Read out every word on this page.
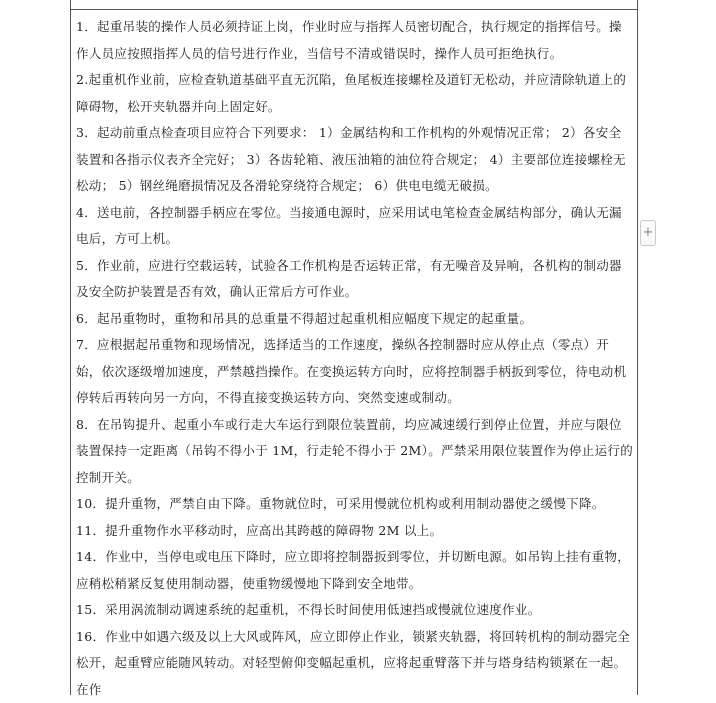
1．起重吊装的操作人员必须持证上岗，作业时应与指挥人员密切配合，执行规定的指挥信号。操作人员应按照指挥人员的信号进行作业，当信号不清或错误时，操作人员可拒绝执行。

2.起重机作业前，应检查轨道基础平直无沉陷，鱼尾板连接螺栓及道钉无松动，并应清除轨道上的障碍物，松开夹轨器并向上固定好。

3．起动前重点检查项目应符合下列要求： 1）金属结构和工作机构的外观情况正常； 2）各安全装置和各指示仪表齐全完好； 3）各齿轮箱、液压油箱的油位符合规定； 4）主要部位连接螺栓无松动； 5）钢丝绳磨损情况及各滑轮穿绕符合规定； 6）供电电缆无破损。

4．送电前，各控制器手柄应在零位。当接通电源时，应采用试电笔检查金属结构部分，确认无漏电后，方可上机。

5．作业前，应进行空载运转，试验各工作机构是否运转正常，有无噪音及异响，各机构的制动器及安全防护装置是否有效，确认正常后方可作业。

6．起吊重物时，重物和吊具的总重量不得超过起重机相应幅度下规定的起重量。

7．应根据起吊重物和现场情况，选择适当的工作速度，操纵各控制器时应从停止点（零点）开始，依次逐级增加速度，严禁越挡操作。在变换运转方向时，应将控制器手柄扳到零位，待电动机停转后再转向另一方向，不得直接变换运转方向、突然变速或制动。

8．在吊钩提升、起重小车或行走大车运行到限位装置前，均应减速缓行到停止位置，并应与限位装置保持一定距离（吊钩不得小于 1M，行走轮不得小于 2M）。严禁采用限位装置作为停止运行的控制开关。

10．提升重物，严禁自由下降。重物就位时，可采用慢就位机构或利用制动器使之缓慢下降。

11．提升重物作水平移动时，应高出其跨越的障碍物 2M 以上。

14．作业中，当停电或电压下降时，应立即将控制器扳到零位，并切断电源。如吊钩上挂有重物，应稍松稍紧反复使用制动器，使重物缓慢地下降到安全地带。

15．采用涡流制动调速系统的起重机，不得长时间使用低速挡或慢就位速度作业。

16．作业中如遇六级及以上大风或阵风，应立即停止作业，锁紧夹轨器，将回转机构的制动器完全松开，起重臂应能随风转动。对轻型俯仰变幅起重机，应将起重臂落下并与塔身结构锁紧在一起。在作

+
